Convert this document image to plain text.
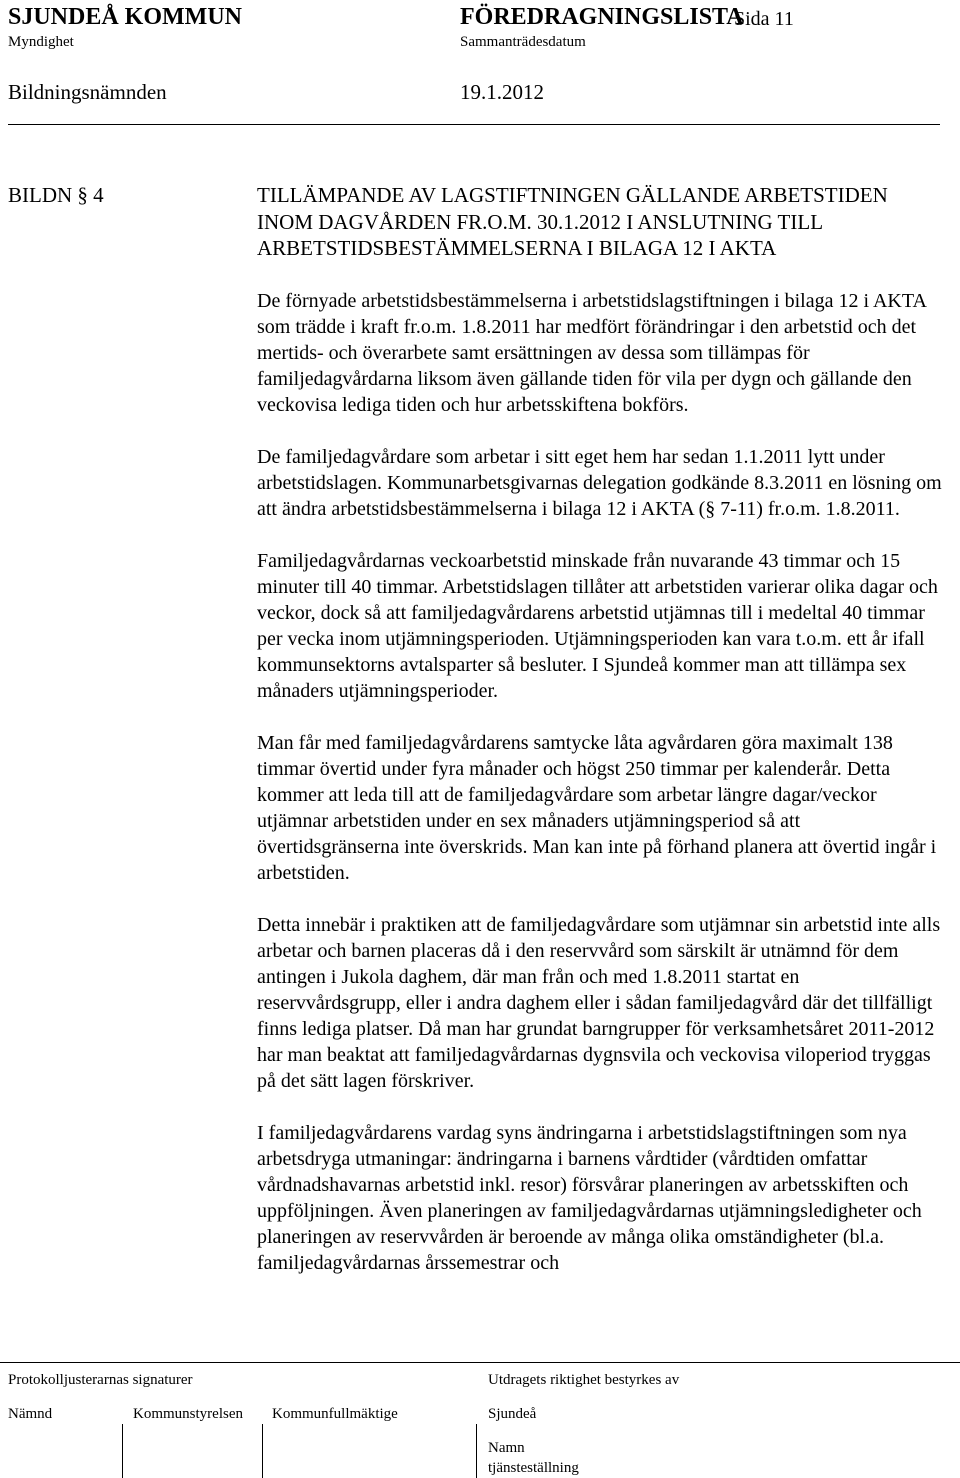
SJUNDEÅ KOMMUN	FÖREDRAGNINGSLISTA
Sida 11
Myndighet	Sammanträdesdatum
Bildningsnämnden	19.1.2012
BILDN § 4	TILLÄMPANDE AV LAGSTIFTNINGEN GÄLLANDE ARBETSTIDEN INOM DAGVÅRDEN FR.O.M. 30.1.2012 I ANSLUTNING TILL ARBETSTIDSBESTÄMMELSERNA I BILAGA 12 I AKTA

De förnyade arbetstidsbestämmelserna i arbetstidslagstiftningen i bilaga 12 i AKTA som trädde i kraft fr.o.m. 1.8.2011 har medfört förändringar i den arbetstid och det mertids- och överarbete samt ersättningen av dessa som tillämpas för familjedagvårdarna liksom även gällande tiden för vila per dygn och gällande den veckovisa lediga tiden och hur arbetsskiftena bokförs.

De familjedagvårdare som arbetar i sitt eget hem har sedan 1.1.2011 lytt under arbetstidslagen. Kommunarbetsgivarnas delegation godkände 8.3.2011 en lösning om att ändra arbetstidsbestämmelserna i bilaga 12 i AKTA (§ 7-11) fr.o.m. 1.8.2011.

Familjedagvårdarnas veckoarbetstid minskade från nuvarande 43 timmar och 15 minuter till 40 timmar. Arbetstidslagen tillåter att arbetstiden varierar olika dagar och veckor, dock så att familjedagvårdarens arbetstid utjämnas till i medeltal 40 timmar per vecka inom utjämningsperioden. Utjämningsperioden kan vara t.o.m. ett år ifall kommunsektorns avtalsparter så besluter. I Sjundeå kommer man att tillämpa sex månaders utjämningsperioder.

Man får med familjedagvårdarens samtycke låta agvårdaren göra maximalt 138 timmar övertid under fyra månader och högst 250 timmar per kalenderår. Detta kommer att leda till att de familjedagvårdare som arbetar längre dagar/veckor utjämnar arbetstiden under en sex månaders utjämningsperiod så att övertidsgränserna inte överskrids. Man kan inte på förhand planera att övertid ingår i arbetstiden.

Detta innebär i praktiken att de familjedagvårdare som utjämnar sin arbetstid inte alls arbetar och barnen placeras då i den reservvård som särskilt är utnämnd för dem antingen i Jukola daghem, där man från och med 1.8.2011 startat en reservvårdsgrupp, eller i andra daghem eller i sådan familjedagvård där det tillfälligt finns lediga platser. Då man har grundat barngrupper för verksamhetsåret 2011-2012 har man beaktat att familjedagvårdarnas dygnsvila och veckovisa viloperiod tryggas på det sätt lagen förskriver.

I familjedagvårdarens vardag syns ändringarna i arbetstidslagstiftningen som nya arbetsdryga utmaningar: ändringarna i barnens vårdtider (vårdtiden omfattar vårdnadshavarnas arbetstid inkl. resor) försvårar planeringen av arbetsskiften och uppföljningen. Även planeringen av familjedagvårdarnas utjämningsledigheter och planeringen av reservvården är beroende av många olika omständigheter (bl.a. familjedagvårdarnas årssemestrar och

Protokolljusterarnas signaturer	Utdragets riktighet bestyrkes av
Nämnd	Kommunstyrelsen Kommunfullmäktige	Sjundeå
Namn
tjänsteställning
